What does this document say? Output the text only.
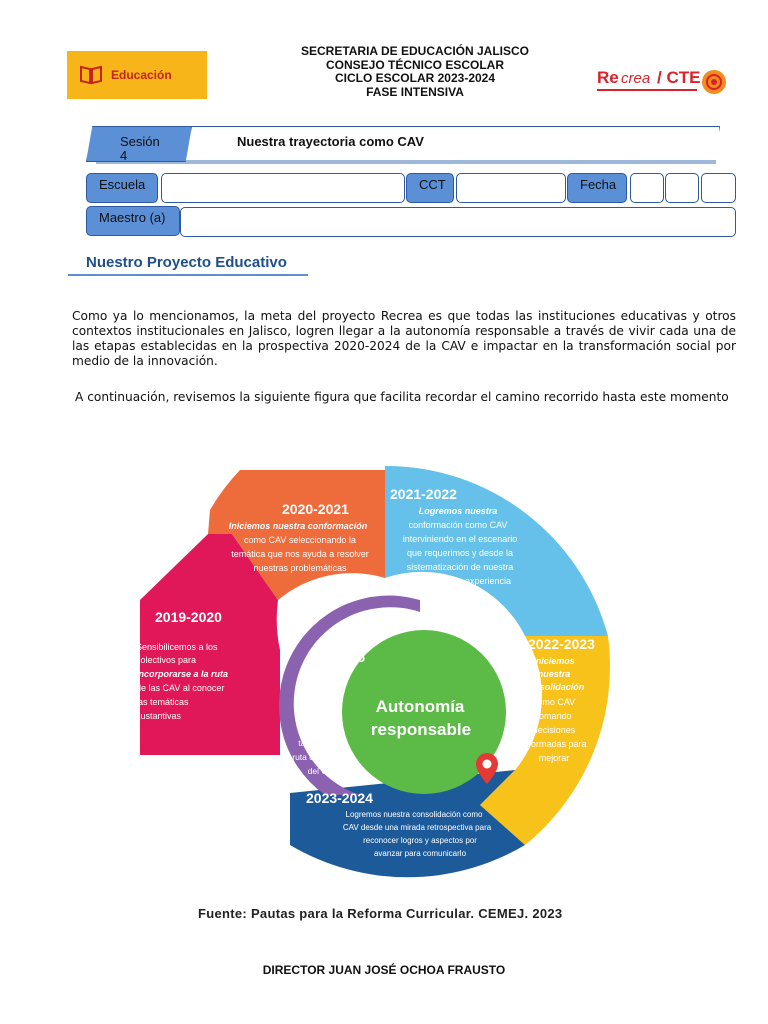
Educación
SECRETARIA DE EDUCACIÓN JALISCO
CONSEJO TÉCNICO ESCOLAR
CICLO ESCOLAR 2023-2024
FASE INTENSIVA
Re crea / CTE
Sesión 4
Nuestra trayectoria como CAV
Escuela	CCT	Fecha
Maestro (a)
Nuestro Proyecto Educativo
Como ya lo mencionamos, la meta del proyecto Recrea es que todas las instituciones educativas y otros contextos institucionales en Jalisco, logren llegar a la autonomía responsable a través de vivir cada una de las etapas establecidas en la prospectiva 2020-2024 de la CAV e impactar en la transformación social por medio de la innovación.
A continuación, revisemos la siguiente figura que facilita recordar el camino recorrido hasta este momento
Autonomía
responsable
2019-2020
Sensibilicemos a los
colectivos para
incorporarse a la ruta
de las CAV al conocer
las temáticas
sustantivas
2020-2021
Iniciemos nuestra conformación
como CAV seleccionando la
temática que nos ayuda a resolver
nuestras problemáticas
2021-2022
Logremos nuestra
conformación como CAV
interviniendo en el escenario
que requerimos y desde la
sistematización de nuestra
experiencia
2022-2023
Iniciemos
nuestra
consolidación
como CAV
tomando
decisiones
informadas para
mejorar
2023-2024
Logremos nuestra consolidación como
CAV desde una mirada retrospectiva para
reconocer logros y aspectos por
avanzar para comunicarlo
2024-
2025
Innovemos
como CAV
desde el
diseño e
implemen-
tación de la
ruta completa
del CTE
Fuente: Pautas para la Reforma Curricular. CEMEJ. 2023
DIRECTOR JUAN JOSÉ OCHOA FRAUSTO
